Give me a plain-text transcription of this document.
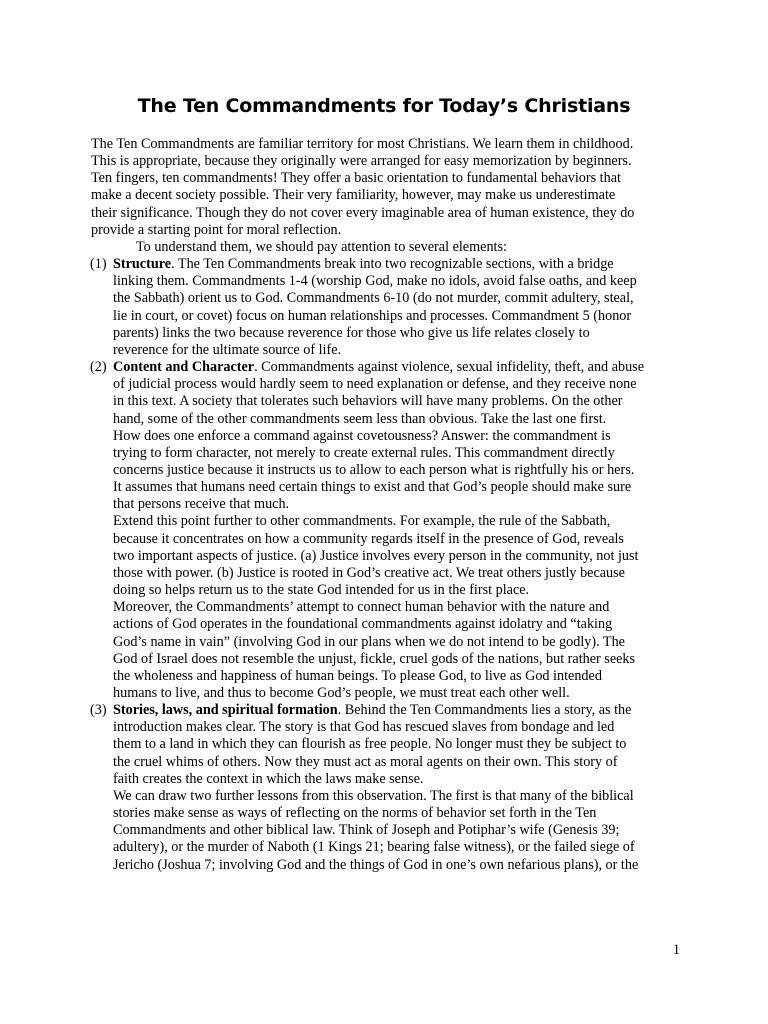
The Ten Commandments for Today’s Christians
The Ten Commandments are familiar territory for most Christians. We learn them in childhood.
This is appropriate, because they originally were arranged for easy memorization by beginners.
Ten fingers, ten commandments! They offer a basic orientation to fundamental behaviors that
make a decent society possible. Their very familiarity, however, may make us underestimate
their significance. Though they do not cover every imaginable area of human existence, they do
provide a starting point for moral reflection.
To understand them, we should pay attention to several elements:
(1) Structure. The Ten Commandments break into two recognizable sections, with a bridge
linking them. Commandments 1-4 (worship God, make no idols, avoid false oaths, and keep
the Sabbath) orient us to God. Commandments 6-10 (do not murder, commit adultery, steal,
lie in court, or covet) focus on human relationships and processes. Commandment 5 (honor
parents) links the two because reverence for those who give us life relates closely to
reverence for the ultimate source of life.
(2) Content and Character. Commandments against violence, sexual infidelity, theft, and abuse
of judicial process would hardly seem to need explanation or defense, and they receive none
in this text. A society that tolerates such behaviors will have many problems. On the other
hand, some of the other commandments seem less than obvious. Take the last one first.
How does one enforce a command against covetousness? Answer: the commandment is
trying to form character, not merely to create external rules. This commandment directly
concerns justice because it instructs us to allow to each person what is rightfully his or hers.
It assumes that humans need certain things to exist and that God’s people should make sure
that persons receive that much.
Extend this point further to other commandments. For example, the rule of the Sabbath,
because it concentrates on how a community regards itself in the presence of God, reveals
two important aspects of justice. (a) Justice involves every person in the community, not just
those with power. (b) Justice is rooted in God’s creative act. We treat others justly because
doing so helps return us to the state God intended for us in the first place.
Moreover, the Commandments’ attempt to connect human behavior with the nature and
actions of God operates in the foundational commandments against idolatry and “taking
God’s name in vain” (involving God in our plans when we do not intend to be godly). The
God of Israel does not resemble the unjust, fickle, cruel gods of the nations, but rather seeks
the wholeness and happiness of human beings. To please God, to live as God intended
humans to live, and thus to become God’s people, we must treat each other well.
(3) Stories, laws, and spiritual formation. Behind the Ten Commandments lies a story, as the
introduction makes clear. The story is that God has rescued slaves from bondage and led
them to a land in which they can flourish as free people. No longer must they be subject to
the cruel whims of others. Now they must act as moral agents on their own. This story of
faith creates the context in which the laws make sense.
We can draw two further lessons from this observation. The first is that many of the biblical
stories make sense as ways of reflecting on the norms of behavior set forth in the Ten
Commandments and other biblical law. Think of Joseph and Potiphar’s wife (Genesis 39;
adultery), or the murder of Naboth (1 Kings 21; bearing false witness), or the failed siege of
Jericho (Joshua 7; involving God and the things of God in one’s own nefarious plans), or the
1
